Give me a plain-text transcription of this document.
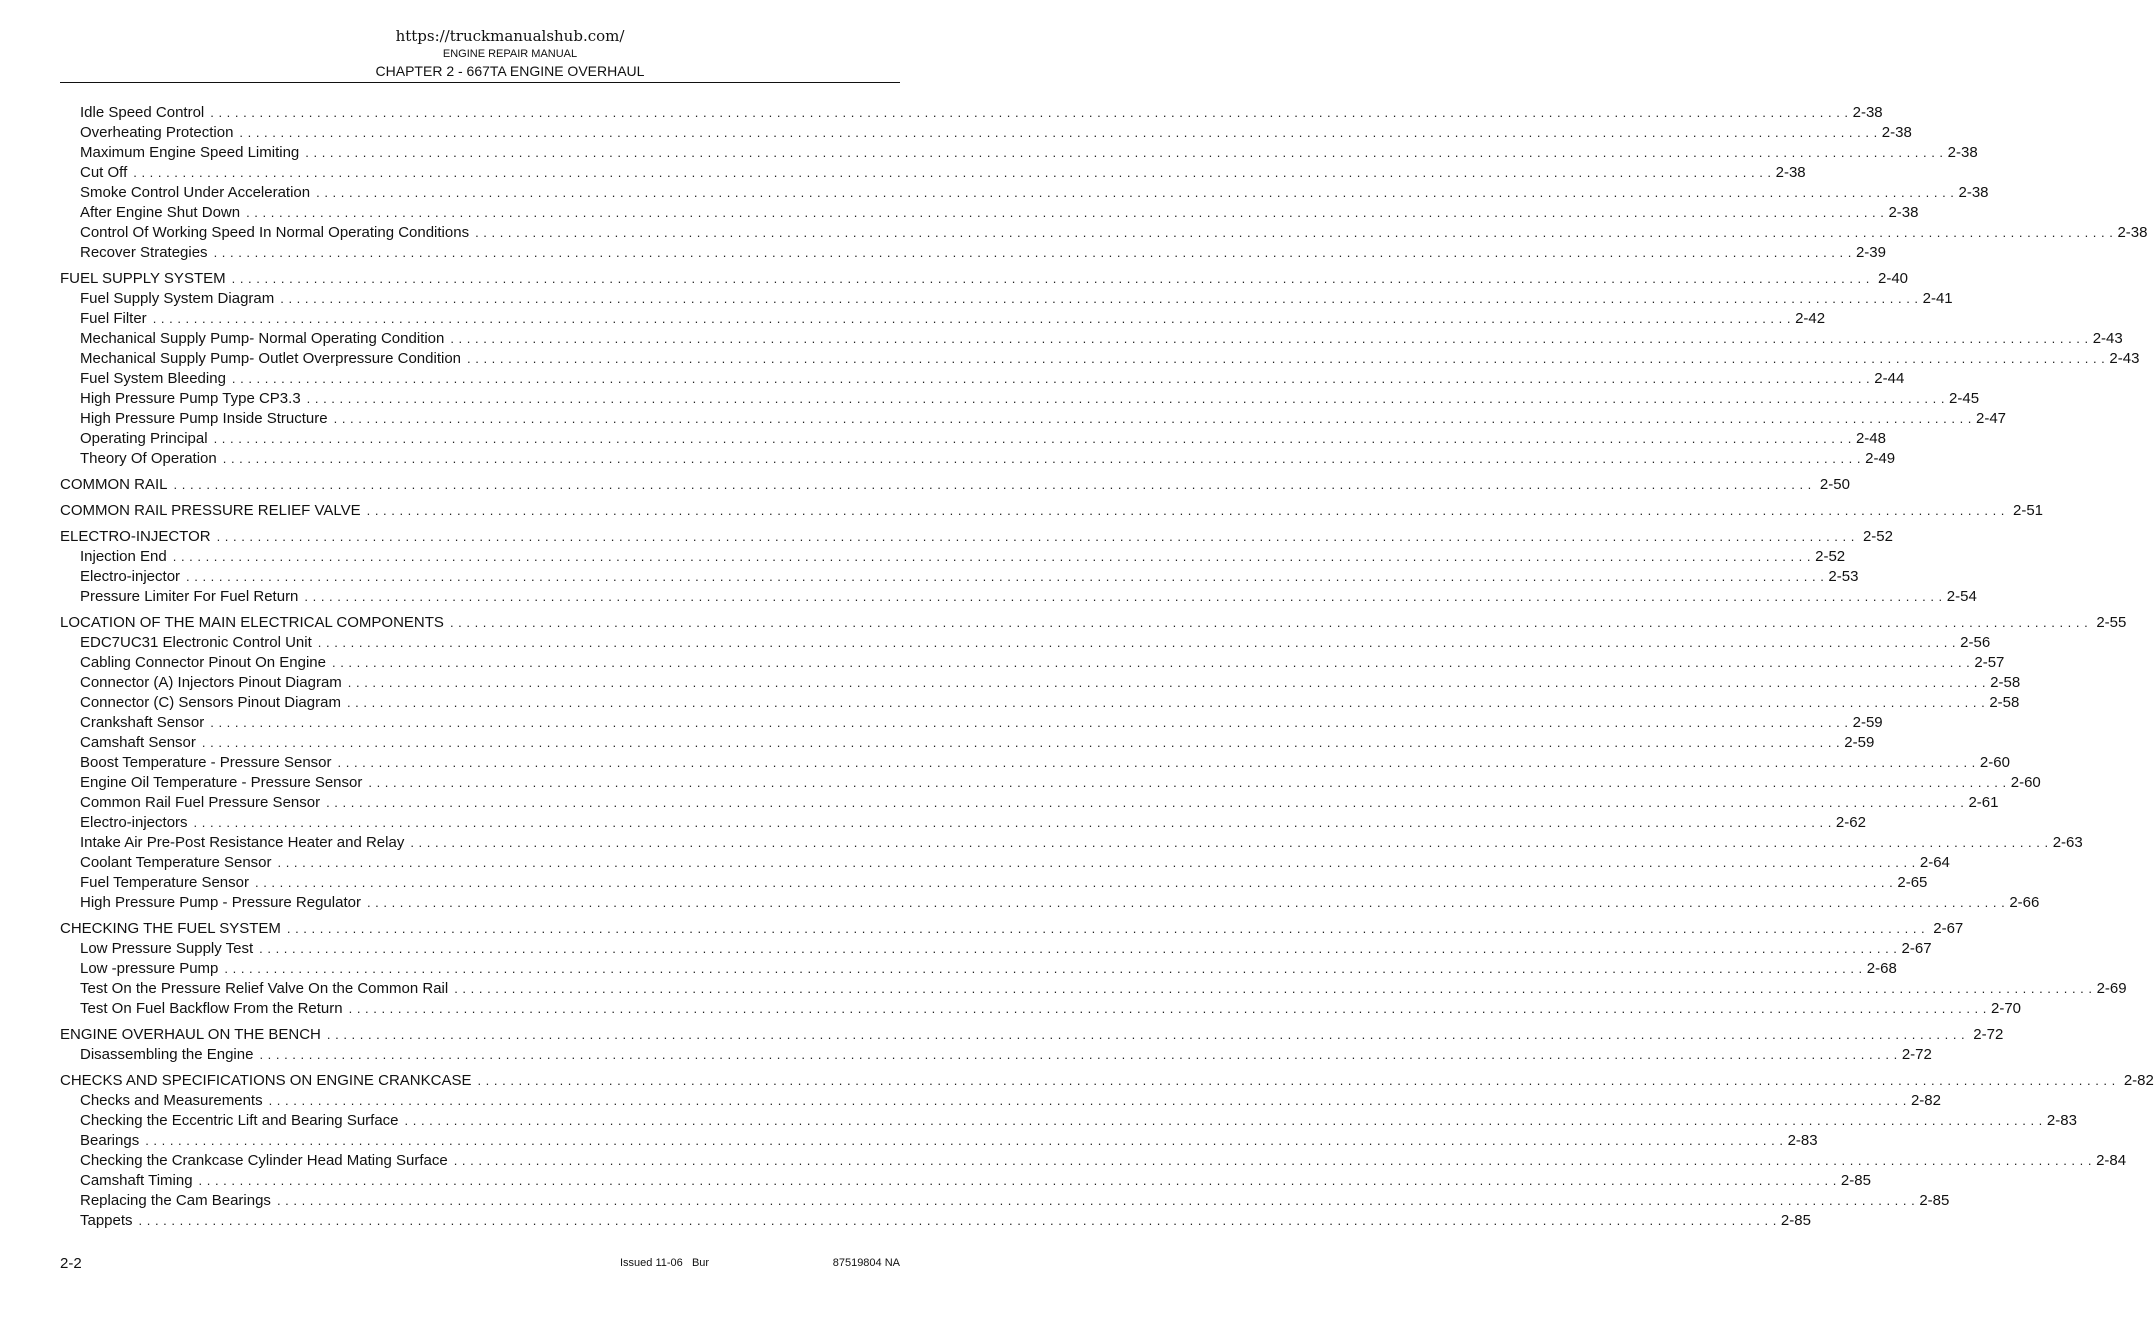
https://truckmanualshub.com/
ENGINE REPAIR MANUAL
CHAPTER 2 - 667TA ENGINE OVERHAUL
Idle Speed Control ........................................................................................................................................................................................................ 2-38
Overheating Protection ........................................................................................................................................................................................................ 2-38
Maximum Engine Speed Limiting ........................................................................................................................................................................................................ 2-38
Cut Off ........................................................................................................................................................................................................ 2-38
Smoke Control Under Acceleration ........................................................................................................................................................................................................ 2-38
After Engine Shut Down ........................................................................................................................................................................................................ 2-38
Control Of Working Speed In Normal Operating Conditions ........................................................................................................................................................................................................ 2-38
Recover Strategies ........................................................................................................................................................................................................ 2-39
FUEL SUPPLY SYSTEM ........................................................................................................................................................................................................ 2-40
Fuel Supply System Diagram ........................................................................................................................................................................................................ 2-41
Fuel Filter ........................................................................................................................................................................................................ 2-42
Mechanical Supply Pump- Normal Operating Condition ........................................................................................................................................................................................................ 2-43
Mechanical Supply Pump- Outlet Overpressure Condition ........................................................................................................................................................................................................ 2-43
Fuel System Bleeding ........................................................................................................................................................................................................ 2-44
High Pressure Pump Type CP3.3 ........................................................................................................................................................................................................ 2-45
High Pressure Pump Inside Structure ........................................................................................................................................................................................................ 2-47
Operating Principal ........................................................................................................................................................................................................ 2-48
Theory Of Operation ........................................................................................................................................................................................................ 2-49
COMMON RAIL ........................................................................................................................................................................................................ 2-50
COMMON RAIL PRESSURE RELIEF VALVE ........................................................................................................................................................................................................ 2-51
ELECTRO-INJECTOR ........................................................................................................................................................................................................ 2-52
Injection End ........................................................................................................................................................................................................ 2-52
Electro-injector ........................................................................................................................................................................................................ 2-53
Pressure Limiter For Fuel Return ........................................................................................................................................................................................................ 2-54
LOCATION OF THE MAIN ELECTRICAL COMPONENTS ........................................................................................................................................................................................................ 2-55
EDC7UC31 Electronic Control Unit ........................................................................................................................................................................................................ 2-56
Cabling Connector Pinout On Engine ........................................................................................................................................................................................................ 2-57
Connector (A) Injectors Pinout Diagram ........................................................................................................................................................................................................ 2-58
Connector (C) Sensors Pinout Diagram ........................................................................................................................................................................................................ 2-58
Crankshaft Sensor ........................................................................................................................................................................................................ 2-59
Camshaft Sensor ........................................................................................................................................................................................................ 2-59
Boost Temperature - Pressure Sensor ........................................................................................................................................................................................................ 2-60
Engine Oil Temperature - Pressure Sensor ........................................................................................................................................................................................................ 2-60
Common Rail Fuel Pressure Sensor ........................................................................................................................................................................................................ 2-61
Electro-injectors ........................................................................................................................................................................................................ 2-62
Intake Air Pre-Post Resistance Heater and Relay ........................................................................................................................................................................................................ 2-63
Coolant Temperature Sensor ........................................................................................................................................................................................................ 2-64
Fuel Temperature Sensor ........................................................................................................................................................................................................ 2-65
High Pressure Pump - Pressure Regulator ........................................................................................................................................................................................................ 2-66
CHECKING THE FUEL SYSTEM ........................................................................................................................................................................................................ 2-67
Low Pressure Supply Test ........................................................................................................................................................................................................ 2-67
Low -pressure Pump ........................................................................................................................................................................................................ 2-68
Test On the Pressure Relief Valve On the Common Rail ........................................................................................................................................................................................................ 2-69
Test On Fuel Backflow From the Return ........................................................................................................................................................................................................ 2-70
ENGINE OVERHAUL ON THE BENCH ........................................................................................................................................................................................................ 2-72
Disassembling the Engine ........................................................................................................................................................................................................ 2-72
CHECKS AND SPECIFICATIONS ON ENGINE CRANKCASE ........................................................................................................................................................................................................ 2-82
Checks and Measurements ........................................................................................................................................................................................................ 2-82
Checking the Eccentric Lift and Bearing Surface ........................................................................................................................................................................................................ 2-83
Bearings ........................................................................................................................................................................................................ 2-83
Checking the Crankcase Cylinder Head Mating Surface ........................................................................................................................................................................................................ 2-84
Camshaft Timing ........................................................................................................................................................................................................ 2-85
Replacing the Cam Bearings ........................................................................................................................................................................................................ 2-85
Tappets ........................................................................................................................................................................................................ 2-85
2-2	Issued 11-06   Bur	87519804 NA
